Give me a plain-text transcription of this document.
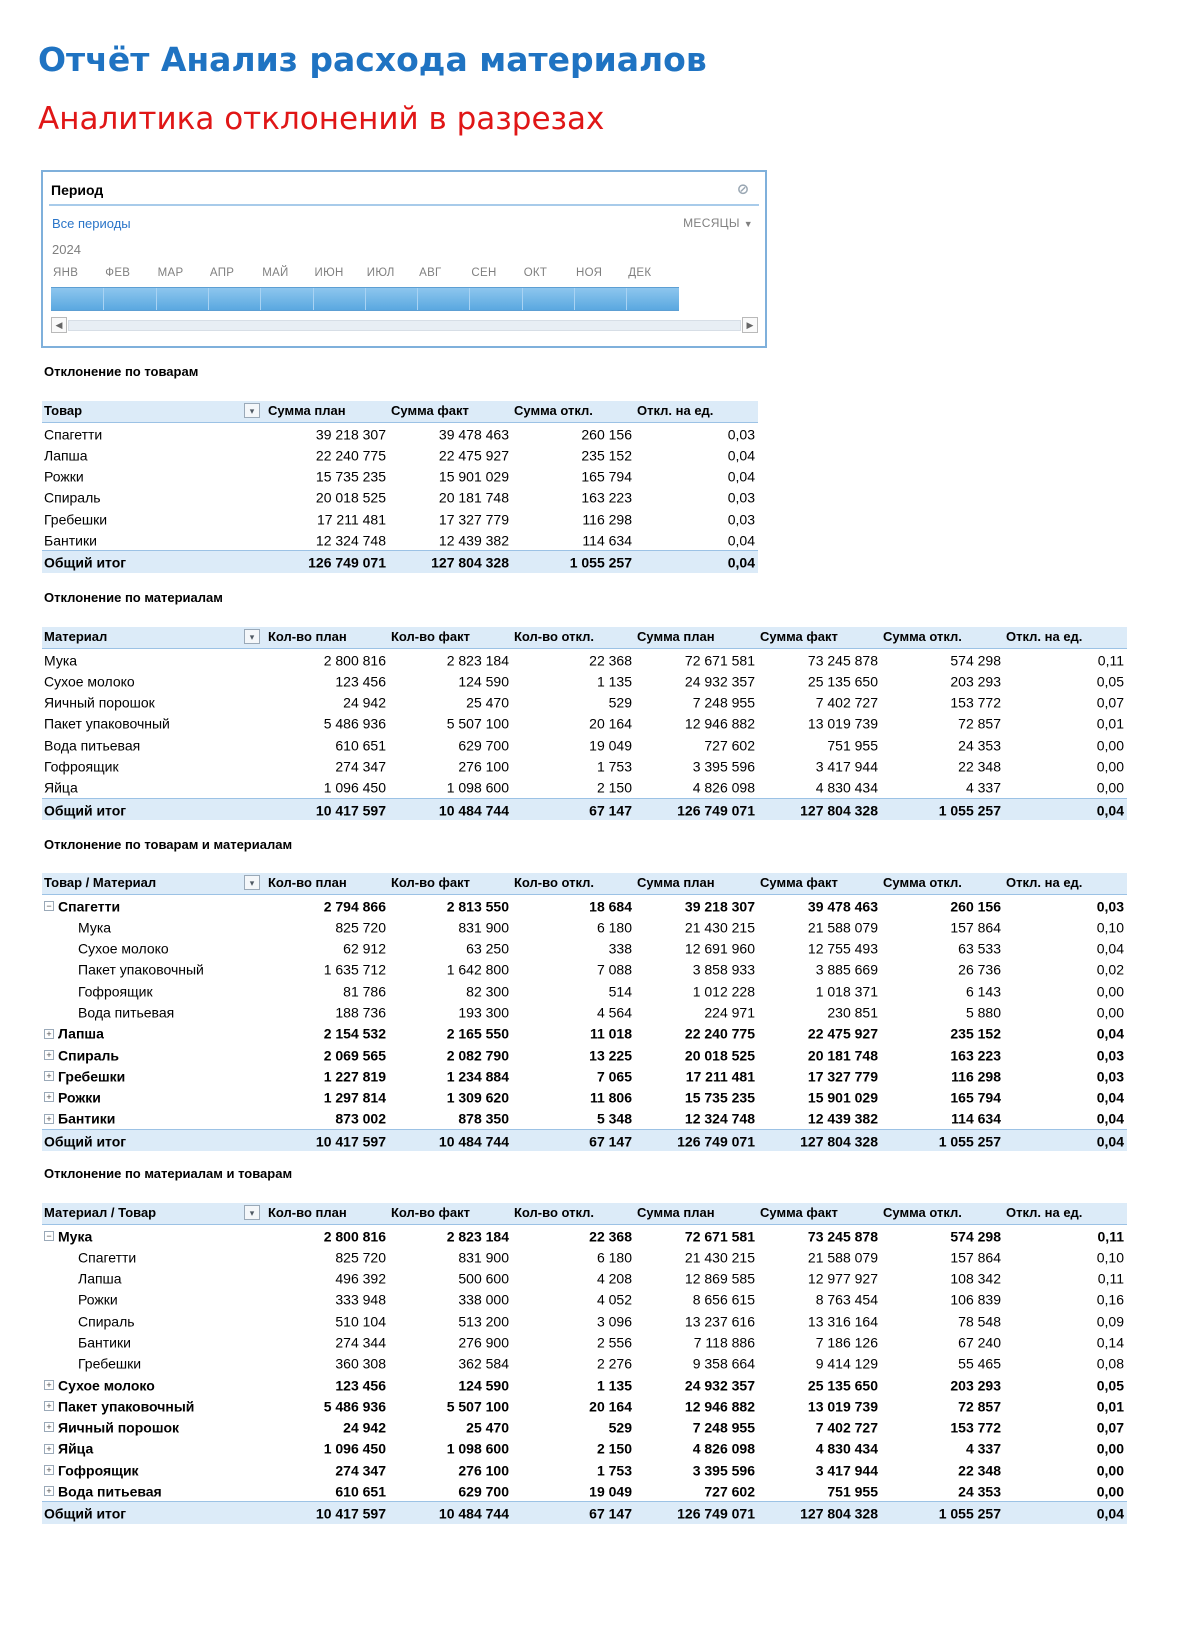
Отчёт Анализ расхода материалов
Аналитика отклонений в разрезах
Период	⊘
Все периоды	МЕСЯЦЫ ▼
2024
ЯНВ	ФЕВ	МАР	АПР	МАЙ	ИЮН	ИЮЛ	АВГ	СЕН	ОКТ	НОЯ	ДЕК
◀	▶
Отклонение по товарам
Товар ▾	Сумма план	Сумма факт	Сумма откл.	Откл. на ед.
Спагетти	39 218 307	39 478 463	260 156	0,03
Лапша	22 240 775	22 475 927	235 152	0,04
Рожки	15 735 235	15 901 029	165 794	0,04
Спираль	20 018 525	20 181 748	163 223	0,03
Гребешки	17 211 481	17 327 779	116 298	0,03
Бантики	12 324 748	12 439 382	114 634	0,04
Общий итог	126 749 071	127 804 328	1 055 257	0,04
Отклонение по материалам
Материал ▾	Кол-во план	Кол-во факт	Кол-во откл.	Сумма план	Сумма факт	Сумма откл.	Откл. на ед.
Мука	2 800 816	2 823 184	22 368	72 671 581	73 245 878	574 298	0,11
Сухое молоко	123 456	124 590	1 135	24 932 357	25 135 650	203 293	0,05
Яичный порошок	24 942	25 470	529	7 248 955	7 402 727	153 772	0,07
Пакет упаковочный	5 486 936	5 507 100	20 164	12 946 882	13 019 739	72 857	0,01
Вода питьевая	610 651	629 700	19 049	727 602	751 955	24 353	0,00
Гофроящик	274 347	276 100	1 753	3 395 596	3 417 944	22 348	0,00
Яйца	1 096 450	1 098 600	2 150	4 826 098	4 830 434	4 337	0,00
Общий итог	10 417 597	10 484 744	67 147	126 749 071	127 804 328	1 055 257	0,04
Отклонение по товарам и материалам
Товар / Материал ▾	Кол-во план	Кол-во факт	Кол-во откл.	Сумма план	Сумма факт	Сумма откл.	Откл. на ед.
− Спагетти	2 794 866	2 813 550	18 684	39 218 307	39 478 463	260 156	0,03
Мука	825 720	831 900	6 180	21 430 215	21 588 079	157 864	0,10
Сухое молоко	62 912	63 250	338	12 691 960	12 755 493	63 533	0,04
Пакет упаковочный	1 635 712	1 642 800	7 088	3 858 933	3 885 669	26 736	0,02
Гофроящик	81 786	82 300	514	1 012 228	1 018 371	6 143	0,00
Вода питьевая	188 736	193 300	4 564	224 971	230 851	5 880	0,00
+ Лапша	2 154 532	2 165 550	11 018	22 240 775	22 475 927	235 152	0,04
+ Спираль	2 069 565	2 082 790	13 225	20 018 525	20 181 748	163 223	0,03
+ Гребешки	1 227 819	1 234 884	7 065	17 211 481	17 327 779	116 298	0,03
+ Рожки	1 297 814	1 309 620	11 806	15 735 235	15 901 029	165 794	0,04
+ Бантики	873 002	878 350	5 348	12 324 748	12 439 382	114 634	0,04
Общий итог	10 417 597	10 484 744	67 147	126 749 071	127 804 328	1 055 257	0,04
Отклонение по материалам и товарам
Материал / Товар ▾	Кол-во план	Кол-во факт	Кол-во откл.	Сумма план	Сумма факт	Сумма откл.	Откл. на ед.
− Мука	2 800 816	2 823 184	22 368	72 671 581	73 245 878	574 298	0,11
Спагетти	825 720	831 900	6 180	21 430 215	21 588 079	157 864	0,10
Лапша	496 392	500 600	4 208	12 869 585	12 977 927	108 342	0,11
Рожки	333 948	338 000	4 052	8 656 615	8 763 454	106 839	0,16
Спираль	510 104	513 200	3 096	13 237 616	13 316 164	78 548	0,09
Бантики	274 344	276 900	2 556	7 118 886	7 186 126	67 240	0,14
Гребешки	360 308	362 584	2 276	9 358 664	9 414 129	55 465	0,08
+ Сухое молоко	123 456	124 590	1 135	24 932 357	25 135 650	203 293	0,05
+ Пакет упаковочный	5 486 936	5 507 100	20 164	12 946 882	13 019 739	72 857	0,01
+ Яичный порошок	24 942	25 470	529	7 248 955	7 402 727	153 772	0,07
+ Яйца	1 096 450	1 098 600	2 150	4 826 098	4 830 434	4 337	0,00
+ Гофроящик	274 347	276 100	1 753	3 395 596	3 417 944	22 348	0,00
+ Вода питьевая	610 651	629 700	19 049	727 602	751 955	24 353	0,00
Общий итог	10 417 597	10 484 744	67 147	126 749 071	127 804 328	1 055 257	0,04
